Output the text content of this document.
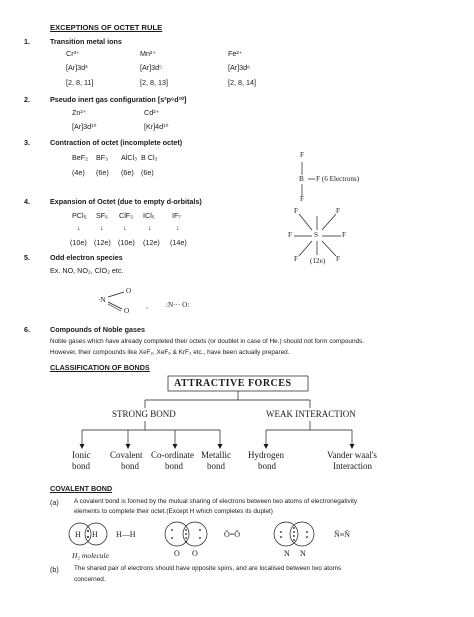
EXCEPTIONS OF OCTET RULE
1.	Transition metal ions
Cr³⁺	Mn²⁺	Fe²⁺
[Ar]3d³	[Ar]3d⁵	[Ar]3d⁶
[2, 8, 11]	[2, 8, 13]	[2, 8, 14]
2.	Pseudo inert gas configuration [s²p⁶d¹⁰]
Zn²⁺	Cd²⁺
[Ar]3d¹⁰	[Kr]4d¹⁰
3.	Contraction of octet (incomplete octet)
BeF₂ BF₃ AlCl₃ B Cl₃
(4e) (6e) (6e) (6e)
F
B F (6 Electrons)
F
4.	Expansion of Octet (due to empty d-orbitals)
PCl₅ SF₆ ClF₃ ICl₅ IF₇
↓	↓	↓	↓	↓
(10e) (12e) (10e) (12e) (14e)
F	F
F	S	F
F	F
(12e)
5.	Odd electron species
Ex. NO, NO₂, ClO₂ etc.
·N
O
O
,	:N··· O:
6.	Compounds of Noble gases
Noble gases which have already completed their octets (or doublet in case of He.) should not form compounds.
However, their compounds like XeF₂, XeF₆ & KrF₂ etc., have been actually prepared.
CLASSIFICATION OF BONDS
ATTRACTIVE FORCES
STRONG BOND	WEAK INTERACTION
Ionic
bond
Covalent
bond
Co-ordinate
bond
Metallic
bond
Hydrogen
bond
Vander waal's
Interaction
COVALENT BOND
(a) A covalent bond is formed by the mutual sharing of electrons between two atoms of electronegativity
elements to complete their octet.(Except H which completes its duplet)
H H H—H
H₂ molecule	O O
Ö=Ö
N N
N̈≡N̈
(b) The shared pair of electrons should have opposite spins, and are localised between two atoms
concerned.
